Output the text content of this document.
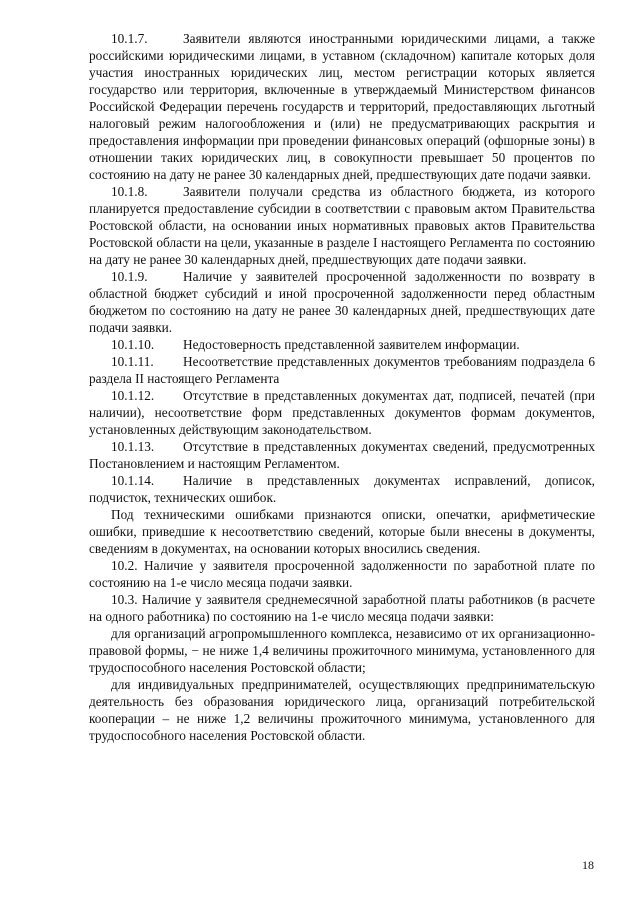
10.1.7.	Заявители являются иностранными юридическими лицами, а также российскими юридическими лицами, в уставном (складочном) капитале которых доля участия иностранных юридических лиц, местом регистрации которых является государство или территория, включенные в утверждаемый Министерством финансов Российской Федерации перечень государств и территорий, предоставляющих льготный налоговый режим налогообложения и (или) не предусматривающих раскрытия и предоставления информации при проведении финансовых операций (офшорные зоны) в отношении таких юридических лиц, в совокупности превышает 50 процентов по состоянию на дату не ранее 30 календарных дней, предшествующих дате подачи заявки.

10.1.8.	Заявители получали средства из областного бюджета, из которого планируется предоставление субсидии в соответствии с правовым актом Правительства Ростовской области, на основании иных нормативных правовых актов Правительства Ростовской области на цели, указанные в разделе I настоящего Регламента по состоянию на дату не ранее 30 календарных дней, предшествующих дате подачи заявки.

10.1.9.	Наличие у заявителей просроченной задолженности по возврату в областной бюджет субсидий и иной просроченной задолженности перед областным бюджетом по состоянию на дату не ранее 30 календарных дней, предшествующих дате подачи заявки.

10.1.10. Недостоверность представленной заявителем информации.

10.1.11. Несоответствие представленных документов требованиям подраздела 6 раздела II настоящего Регламента

10.1.12. Отсутствие в представленных документах дат, подписей, печатей (при наличии), несоответствие форм представленных документов формам документов, установленных действующим законодательством.

10.1.13. Отсутствие в представленных документах сведений, предусмотренных Постановлением и настоящим Регламентом.

10.1.14. Наличие в представленных документах исправлений, дописок, подчисток, технических ошибок.

Под техническими ошибками признаются описки, опечатки, арифметические ошибки, приведшие к несоответствию сведений, которые были внесены в документы, сведениям в документах, на основании которых вносились сведения.

10.2. Наличие у заявителя просроченной задолженности по заработной плате по состоянию на 1-е число месяца подачи заявки.

10.3. Наличие у заявителя среднемесячной заработной платы работников (в расчете на одного работника) по состоянию на 1-е число месяца подачи заявки:

для организаций агропромышленного комплекса, независимо от их организационно-правовой формы, − не ниже 1,4 величины прожиточного минимума, установленного для трудоспособного населения Ростовской области;

для индивидуальных предпринимателей, осуществляющих предпринимательскую деятельность без образования юридического лица, организаций потребительской кооперации – не ниже 1,2 величины прожиточного минимума, установленного для трудоспособного населения Ростовской области.

18
